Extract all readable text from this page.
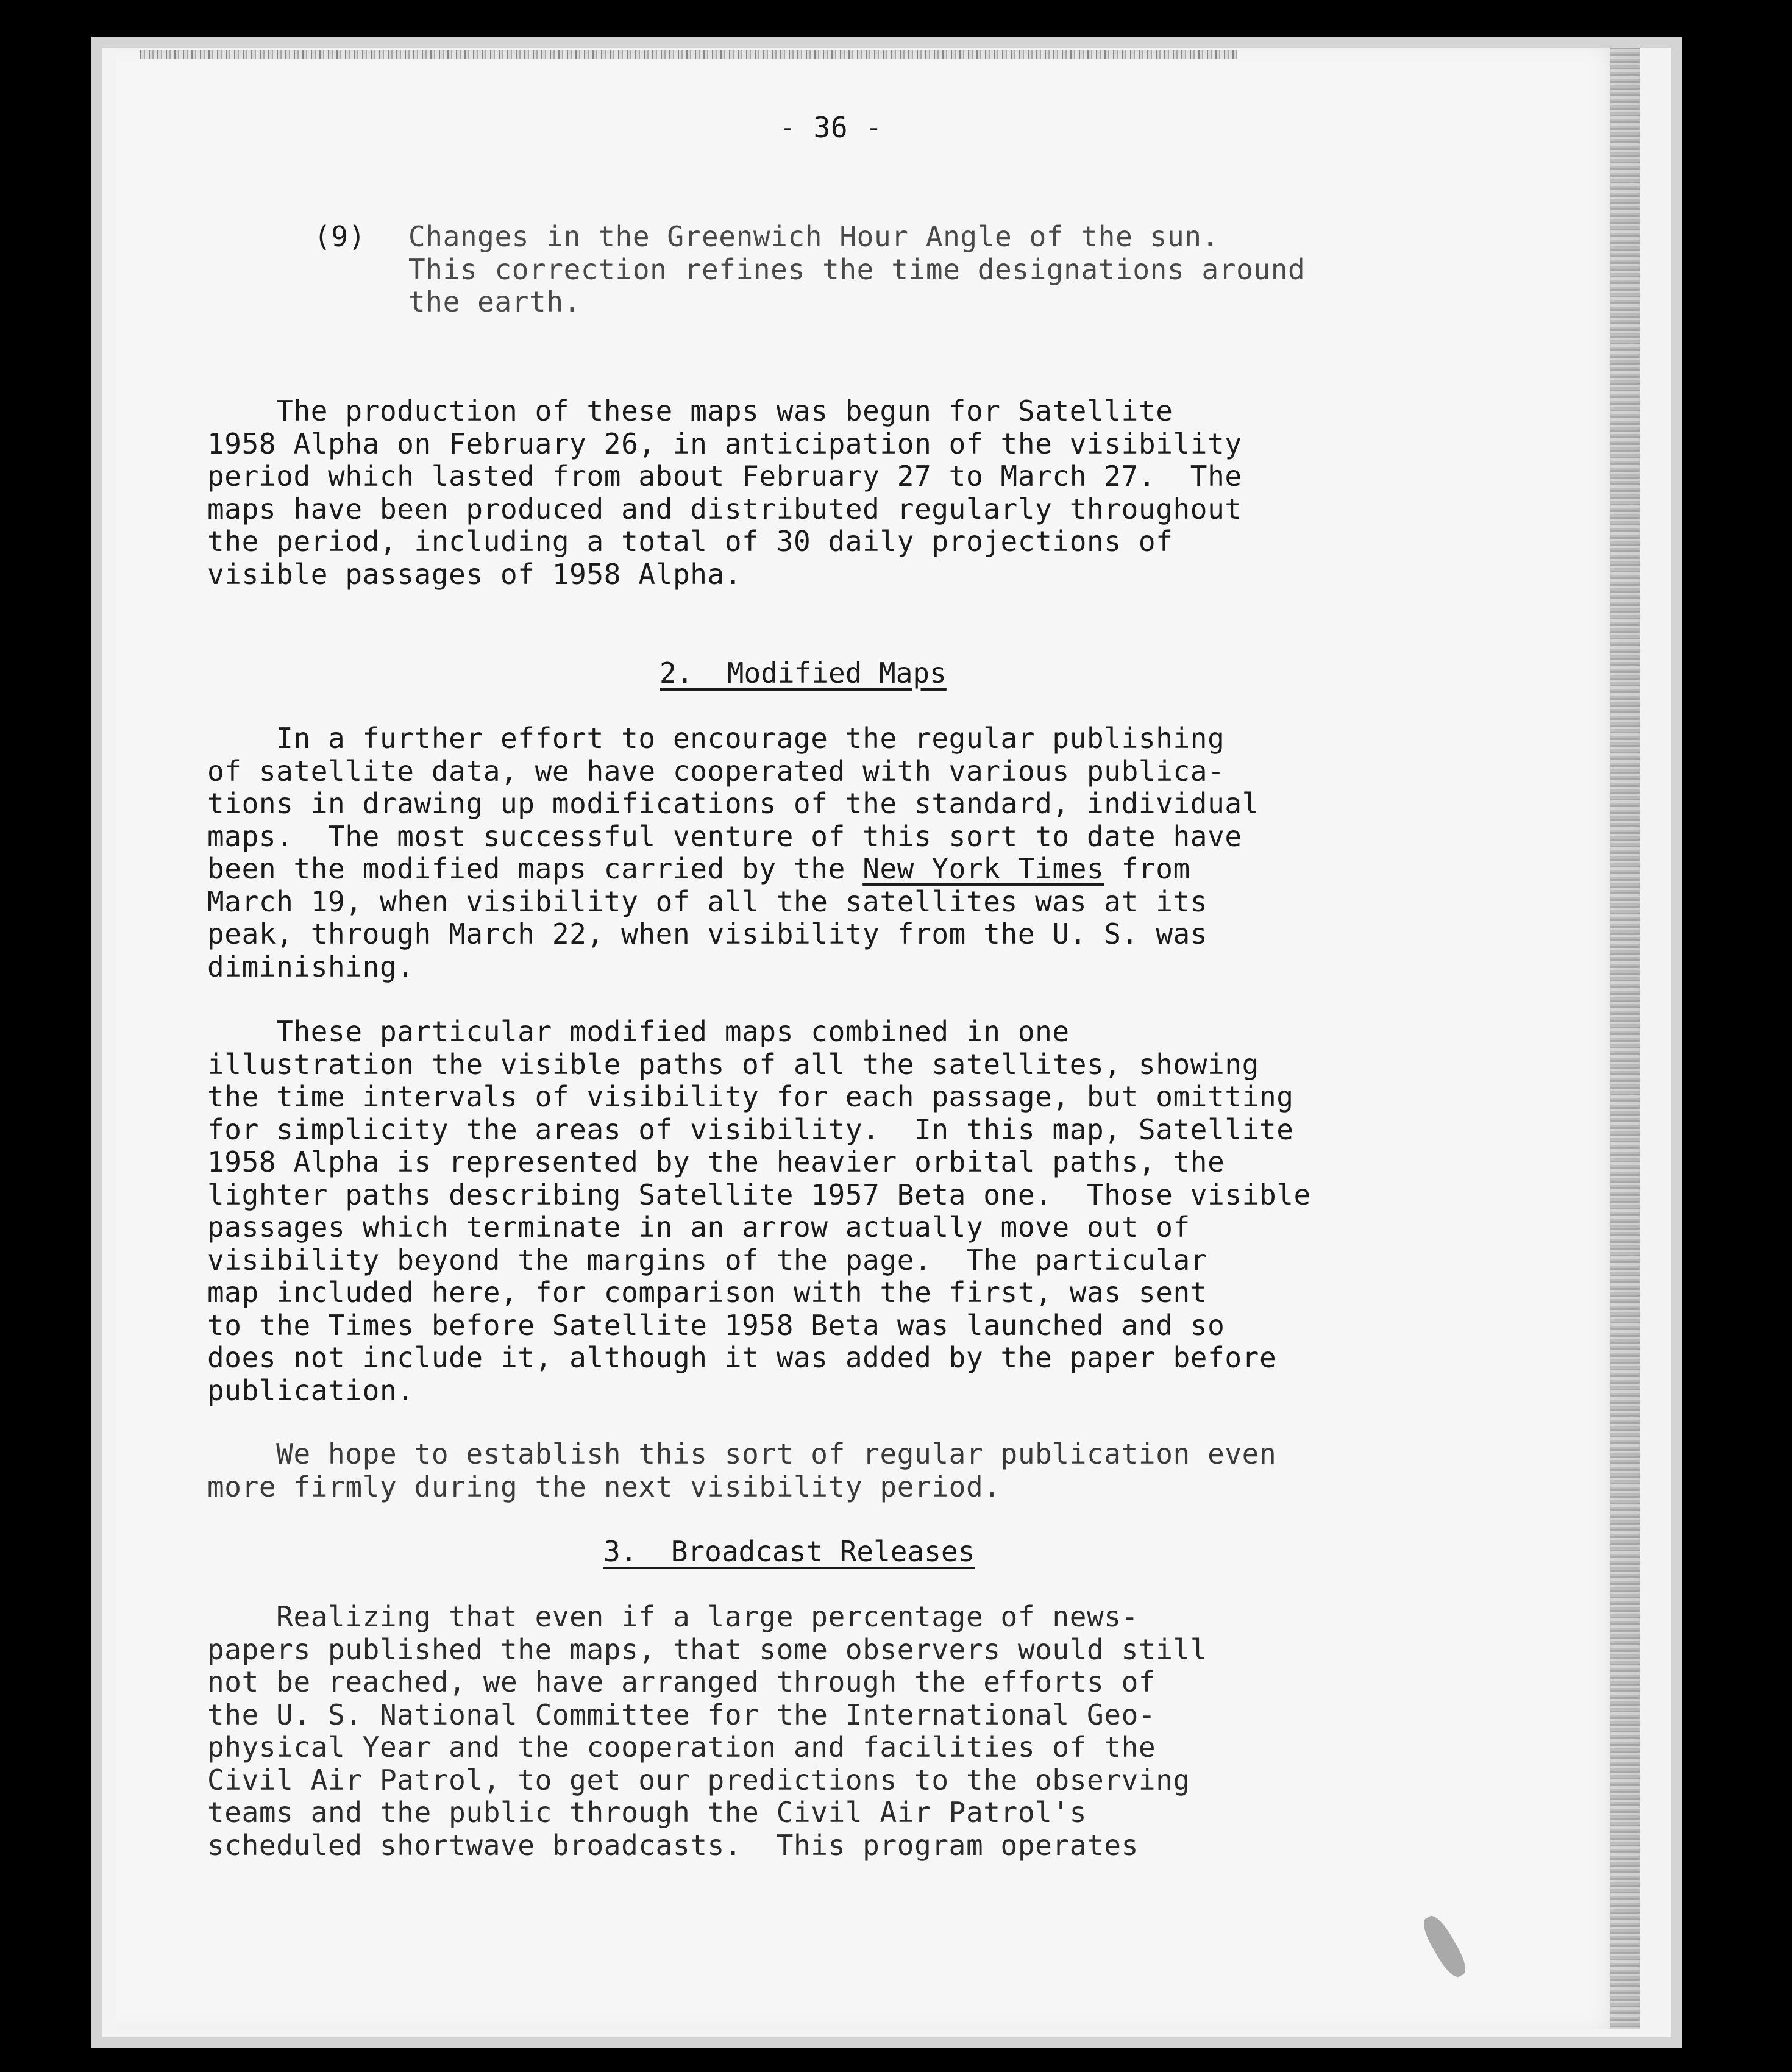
- 36 -
(9) Changes in the Greenwich Hour Angle of the sun.
This correction refines the time designations around
the earth.
The production of these maps was begun for Satellite
1958 Alpha on February 26, in anticipation of the visibility
period which lasted from about February 27 to March 27.  The
maps have been produced and distributed regularly throughout
the period, including a total of 30 daily projections of
visible passages of 1958 Alpha.
2.  Modified Maps
In a further effort to encourage the regular publishing
of satellite data, we have cooperated with various publica-
tions in drawing up modifications of the standard, individual
maps.  The most successful venture of this sort to date have
been the modified maps carried by the New York Times from
March 19, when visibility of all the satellites was at its
peak, through March 22, when visibility from the U. S. was
diminishing.
These particular modified maps combined in one
illustration the visible paths of all the satellites, showing
the time intervals of visibility for each passage, but omitting
for simplicity the areas of visibility.  In this map, Satellite
1958 Alpha is represented by the heavier orbital paths, the
lighter paths describing Satellite 1957 Beta one.  Those visible
passages which terminate in an arrow actually move out of
visibility beyond the margins of the page.  The particular
map included here, for comparison with the first, was sent
to the Times before Satellite 1958 Beta was launched and so
does not include it, although it was added by the paper before
publication.
We hope to establish this sort of regular publication even
more firmly during the next visibility period.
3.  Broadcast Releases
Realizing that even if a large percentage of news-
papers published the maps, that some observers would still
not be reached, we have arranged through the efforts of
the U. S. National Committee for the International Geo-
physical Year and the cooperation and facilities of the
Civil Air Patrol, to get our predictions to the observing
teams and the public through the Civil Air Patrol's
scheduled shortwave broadcasts.  This program operates
